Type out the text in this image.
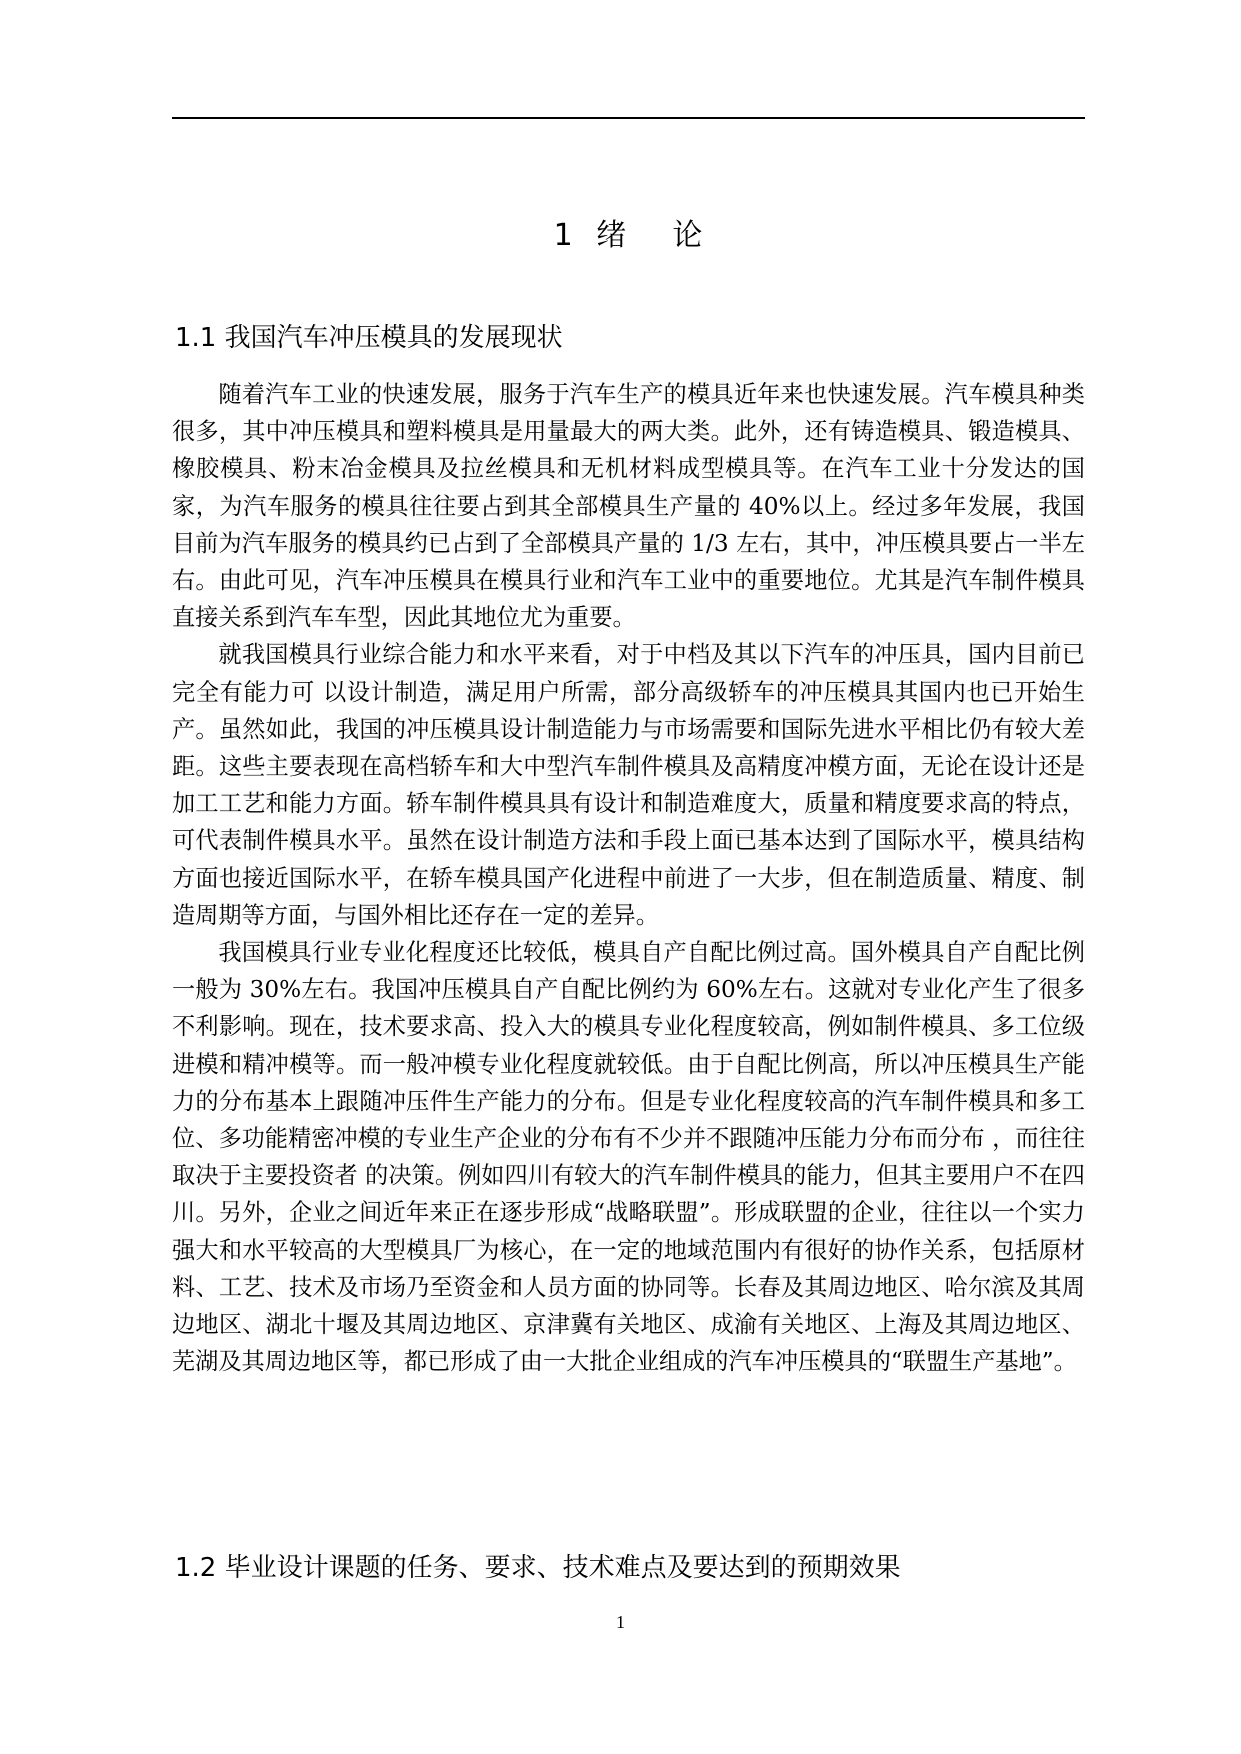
1 绪  论
1.1 我国汽车冲压模具的发展现状

随着汽车工业的快速发展，服务于汽车生产的模具近年来也快速发展。汽车模具种类很多，其中冲压模具和塑料模具是用量最大的两大类。此外，还有铸造模具、锻造模具、橡胶模具、粉末冶金模具及拉丝模具和无机材料成型模具等。在汽车工业十分发达的国家，为汽车服务的模具往往要占到其全部模具生产量的 40%以上。经过多年发展，我国目前为汽车服务的模具约已占到了全部模具产量的 1/3 左右，其中，冲压模具要占一半左右。由此可见，汽车冲压模具在模具行业和汽车工业中的重要地位。尤其是汽车制件模具直接关系到汽车车型，因此其地位尤为重要。

就我国模具行业综合能力和水平来看，对于中档及其以下汽车的冲压具，国内目前已完全有能力可 以设计制造，满足用户所需，部分高级轿车的冲压模具其国内也已开始生产。虽然如此，我国的冲压模具设计制造能力与市场需要和国际先进水平相比仍有较大差距。这些主要表现在高档轿车和大中型汽车制件模具及高精度冲模方面，无论在设计还是加工工艺和能力方面。轿车制件模具具有设计和制造难度大，质量和精度要求高的特点，可代表制件模具水平。虽然在设计制造方法和手段上面已基本达到了国际水平，模具结构方面也接近国际水平，在轿车模具国产化进程中前进了一大步，但在制造质量、精度、制造周期等方面，与国外相比还存在一定的差异。

我国模具行业专业化程度还比较低，模具自产自配比例过高。国外模具自产自配比例一般为 30%左右。我国冲压模具自产自配比例约为 60%左右。这就对专业化产生了很多不利影响。现在，技术要求高、投入大的模具专业化程度较高，例如制件模具、多工位级进模和精冲模等。而一般冲模专业化程度就较低。由于自配比例高，所以冲压模具生产能力的分布基本上跟随冲压件生产能力的分布。但是专业化程度较高的汽车制件模具和多工位、多功能精密冲模的专业生产企业的分布有不少并不跟随冲压能力分布而分布 ，而往往取决于主要投资者 的决策。例如四川有较大的汽车制件模具的能力，但其主要用户不在四川。另外，企业之间近年来正在逐步形成“战略联盟”。形成联盟的企业，往往以一个实力强大和水平较高的大型模具厂为核心，在一定的地域范围内有很好的协作关系，包括原材料、工艺、技术及市场乃至资金和人员方面的协同等。长春及其周边地区、哈尔滨及其周边地区、湖北十堰及其周边地区、京津冀有关地区、成渝有关地区、上海及其周边地区、芜湖及其周边地区等，都已形成了由一大批企业组成的汽车冲压模具的“联盟生产基地”。

1.2 毕业设计课题的任务、要求、技术难点及要达到的预期效果
1
